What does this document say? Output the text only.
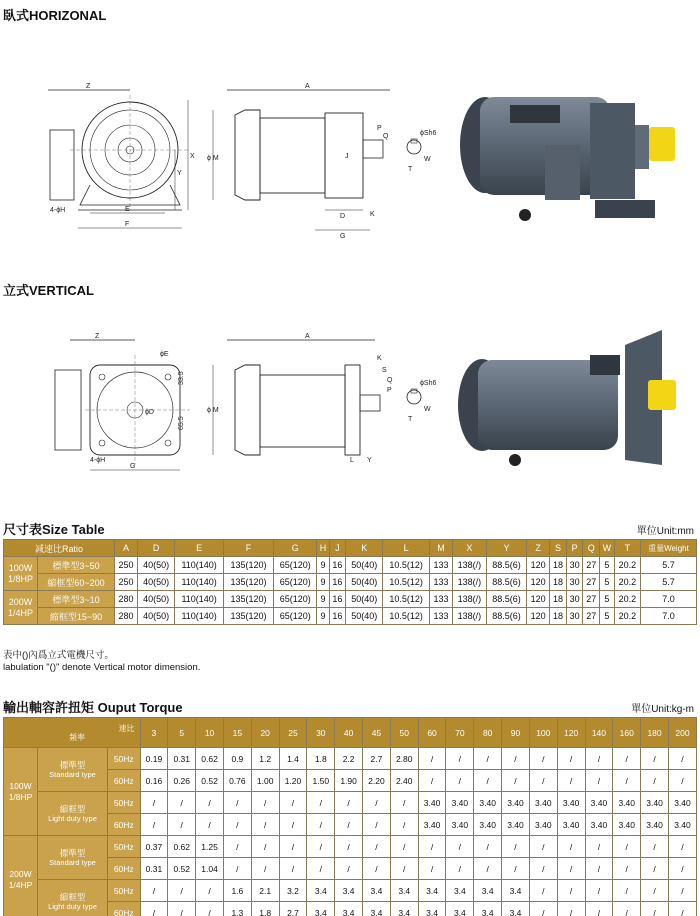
臥式HORIZONAL
立式VERTICAL
尺寸表Size Table	單位Unit:mm
輸出軸容許扭矩 Ouput Torque	單位Unit:kg-m
Z
E
F
4-ϕH
X
Y
A
ϕ M
P
Q
J
D
G
K
ϕSh6
T
W
Z
ϕE
ϕD
33.5
65.5
G
4-ϕH
A
ϕ M
K
S
Q
P
L Y
ϕSh6
T
W
减速比Ratio		A	D	E	F	G	H	J	K	L	M	X	Y	Z	S	P	Q	W	T	重量Weight
100W 1/8HP	標準型3~50	250	40(50)	110(140)	135(120)	65(120)	9	16	50(40)	10.5(12)	133	138(/)	88.5(6)	120	18	30	27	5	20.2	5.7
	縮框型60~200	250	40(50)	110(140)	135(120)	65(120)	9	16	50(40)	10.5(12)	133	138(/)	88.5(6)	120	18	30	27	5	20.2	5.7
200W 1/4HP	標準型3~10	280	40(50)	110(140)	135(120)	65(120)	9	16	50(40)	10.5(12)	133	138(/)	88.5(6)	120	18	30	27	5	20.2	7.0
	縮框型15~90	280	40(50)	110(140)	135(120)	65(120)	9	16	50(40)	10.5(12)	133	138(/)	88.5(6)	120	18	30	27	5	20.2	7.0
表中()內爲立式電機尺寸。
labulation "()" denote Vertical motor dimension.
速比
頻率			3	5	10	15	20	25	30	40	45	50	60	70	80	90	100	120	140	160	180	200
100W 1/8HP	標準型
Standard type	50Hz	0.19	0.31	0.62	0.9	1.2	1.4	1.8	2.2	2.7	2.80	/	/	/	/	/	/	/	/	/	/
		60Hz	0.16	0.26	0.52	0.76	1.00	1.20	1.50	1.90	2.20	2.40	/	/	/	/	/	/	/	/	/	/

	縮框型
Light duty type	50Hz	/	/	/	/	/	/	/	/	/	/	3.40	3.40	3.40	3.40	3.40	3.40	3.40	3.40	3.40	3.40
		60Hz	/	/	/	/	/	/	/	/	/	/	3.40	3.40	3.40	3.40	3.40	3.40	3.40	3.40	3.40	3.40
200W 1/4HP	標準型
Standard type	50Hz	0.37	0.62	1.25	/	/	/	/	/	/	/	/	/	/	/	/	/	/	/	/	/
		60Hz	0.31	0.52	1.04	/	/	/	/	/	/	/	/	/	/	/	/	/	/	/	/	/

	縮框型
Light duty type	50Hz	/	/	/	1.6	2.1	3.2	3.4	3.4	3.4	3.4	3.4	3.4	3.4	3.4	/	/	/	/	/	/
		60Hz	/	/	/	1.3	1.8	2.7	3.4	3.4	3.4	3.4	3.4	3.4	3.4	3.4	/	/	/	/	/	/
